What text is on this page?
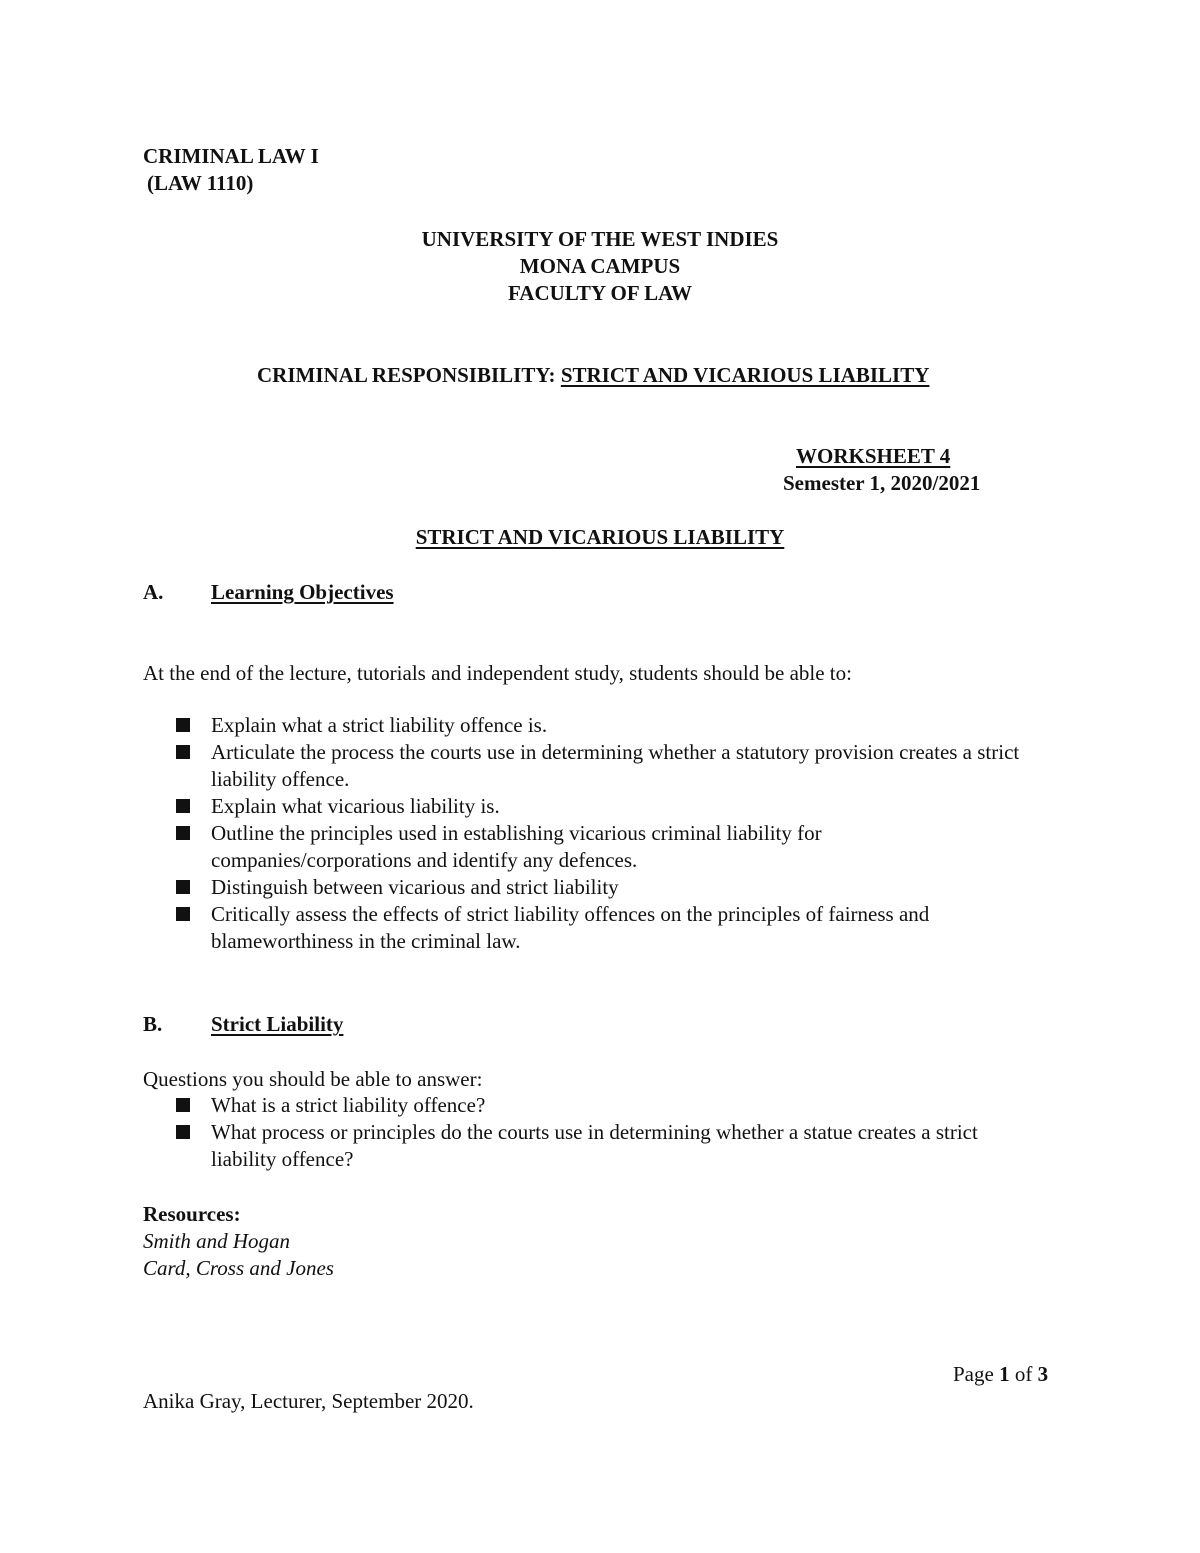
CRIMINAL LAW I
(LAW 1110)
UNIVERSITY OF THE WEST INDIES
MONA CAMPUS
FACULTY OF LAW
CRIMINAL RESPONSIBILITY: STRICT AND VICARIOUS LIABILITY
WORKSHEET 4
Semester 1, 2020/2021
STRICT AND VICARIOUS LIABILITY
A. Learning Objectives
At the end of the lecture, tutorials and independent study, students should be able to:
Explain what a strict liability offence is.
Articulate the process the courts use in determining whether a statutory provision creates a strict liability offence.
Explain what vicarious liability is.
Outline the principles used in establishing vicarious criminal liability for companies/corporations and identify any defences.
Distinguish between vicarious and strict liability
Critically assess the effects of strict liability offences on the principles of fairness and blameworthiness in the criminal law.
B. Strict Liability
Questions you should be able to answer:
What is a strict liability offence?
What process or principles do the courts use in determining whether a statue creates a strict liability offence?
Resources:
Smith and Hogan
Card, Cross and Jones
Page 1 of 3
Anika Gray, Lecturer, September 2020.
